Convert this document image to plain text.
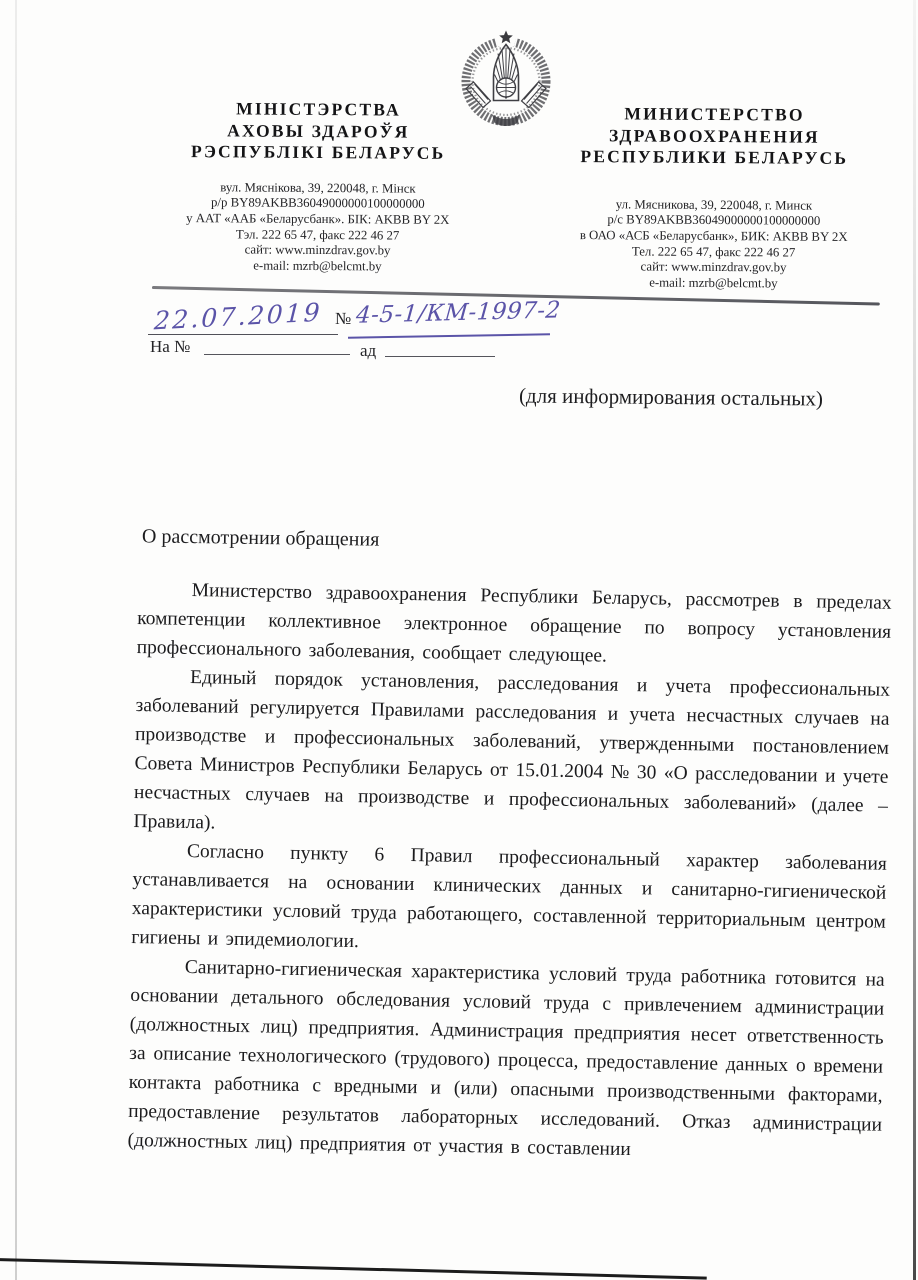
МІНІСТЭРСТВА
АХОВЫ ЗДАРОЎЯ
РЭСПУБЛІКІ БЕЛАРУСЬ
вул. Мяснікова, 39, 220048, г. Мінск
р/р BY89AKBB36049000000100000000
у ААТ «ААБ «Беларусбанк». БІК: AKBB BY 2X
Тэл. 222 65 47, факс 222 46 27
сайт: www.minzdrav.gov.by
e-mail: mzrb@belcmt.by
МИНИСТЕРСТВО
ЗДРАВООХРАНЕНИЯ
РЕСПУБЛИКИ БЕЛАРУСЬ
ул. Мясникова, 39, 220048, г. Минск
р/с BY89AKBB36049000000100000000
в ОАО «АСБ «Беларусбанк», БИК: AKBB BY 2X
Тел. 222 65 47, факс 222 46 27
сайт: www.minzdrav.gov.by
e-mail: mzrb@belcmt.by
22.07.2019 № 4-5-1/КМ-1997-2
На №	ад
(для информирования остальных)
О рассмотрении обращения

Министерство здравоохранения Республики Беларусь, рассмотрев в пределах компетенции коллективное электронное обращение по вопросу установления профессионального заболевания, сообщает следующее.

Единый порядок установления, расследования и учета профессиональных заболеваний регулируется Правилами расследования и учета несчастных случаев на производстве и профессиональных заболеваний, утвержденными постановлением Совета Министров Республики Беларусь от 15.01.2004 № 30 «О расследовании и учете несчастных случаев на производстве и профессиональных заболеваний» (далее – Правила).

Согласно пункту 6 Правил профессиональный характер заболевания устанавливается на основании клинических данных и санитарно-гигиенической характеристики условий труда работающего, составленной территориальным центром гигиены и эпидемиологии.

Санитарно-гигиеническая характеристика условий труда работника готовится на основании детального обследования условий труда с привлечением администрации (должностных лиц) предприятия. Администрация предприятия несет ответственность за описание технологического (трудового) процесса, предоставление данных о времени контакта работника с вредными и (или) опасными производственными факторами, предоставление результатов лабораторных исследований. Отказ администрации (должностных лиц) предприятия от участия в составлении
